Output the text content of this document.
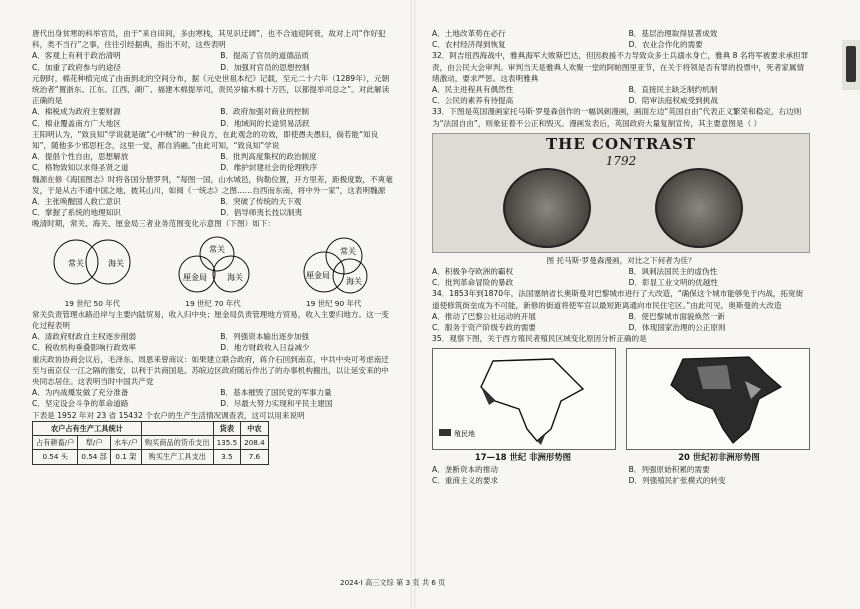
唐代出身贫寒的科举官员，由于“来自田间，多由寒栈，其见识迂阔”，也不合迪迎阿衰，故对上司“作好犯科，类不当行”之事，往往引经据典，指出不对，这些表明
A．客观上有利于政治清明	B．提高了官员的道德品质
C．加重了政府参与的途径	D．加强对官员的思想控制
元朝时，棉花种植完成了由南到北的空间分布，据《元史世祖本纪》记载，至元二十六年（1289年），元朝统治者“置浙东、江东、江西、湖广、福建木棉提举司，责民岁输木棉十万匹，以都提举司总之”。对此解读正确的是
A．棉税成为政府主要财源	B．政府加强对商业的控制
C．棉业覆盖南方广大地区	D．地域间的长途贸易活跃
王阳明认为，“致良知”学说就是破“心中贼”的一种良方，在此观念的功效，即使愚夫愚妇，倘若能“知良知”，随他多少邪思枉念，这里一觉，都自消融。”由此可知，“致良知”学说
A．提倡个性自由，思想解放	B．批判高度集权的政治制度
C．格物致知以求得圣贤之道	D．维护封建社会的伦理秩序
魏源在修《海国图志》时将各国分册罗列，“每图一国，山水城邑，钩勒位置，开方里差，距极度数，不爽毫发，于是从古不通中国之地，披其山川，如阅《一统志》之图……自西而东南，将中外一家”，这表明魏源
A．主张唤醒国人救亡意识	B．突破了传统的天下观
C．掌握了系统的地理知识	D．倡导师夷长技以制夷
晚清时期，常关、海关、厘金局三者业务范围变化示意图（下图）如下：
常关	海关
常关
厘金局	海关
常关
厘金局
海关
19 世纪 50 年代	19 世纪 70 年代	19 世纪 90 年代
常关负责管理水路沿岸与主要内陆贸易，收入归中央；厘金局负责管理地方贸易，收入主要归地方。这一变化过程表明
A．清政府财政自主权逐步削弱	B．列强资本输出逐步加强
C．税收机构垂叠影响行政效率	D．地方财政收入日益减少
重庆政协协商会议后，毛泽东、周恩来曾商议：如果建立联合政府，蒋介石回到南京，中共中央可考虑南迁至与南京仅一江之隔的淮安，以利于共商国是。苏皖边区政府随后作出了的办事机构搬出，以让延安来的中央同志居住。这表明当时中国共产党
A．为内战爆发做了充分准备	B．基本摧毁了国民党的军事力量
C．坚定设会斗争的革命道路	D．尽最大努力实现和平民主建国
下表是 1952 年对 23 省 15432 个农户的生产生活情况调查表，这可以用来说明
农户占有生产工具统计				货表	中农
占有耕畜/户	犁/户	水车/户	购买商品的货币支出	135.5	208.4
0.54 头	0.54 部	0.1 架	购买生产工具支出	3.5	7.6
A．土地改革势在必行	B．基层治理取得显著成效
C．农村经济得到恢复	D．农业合作化的需要
32．阿吉纽西海战中，雅典海军大败斯巴达，但因救援不力导致众多士兵溺水身亡，雅典 8 名将军被要求承担罪责，由公民大会审判。审判当天是雅典人欢聚一堂的阿帕图里亚节，在关于将领是否有罪的投票中，死者家属情绪激动，要求严惩。这表明雅典
A．民主进程具有偶然性	B．直接民主缺乏制约机制
C．公民的素养有待提高	D．陪审法庭权威受到挑战
33．下图是英国漫画家托马斯·罗曼森创作的一幅讽刺漫画，画面左边“英国自由”代表正义繁荣和稳定，右边则为“法国自由”，则象征着不公正和毁灭。漫画发表后，英国政府大量复制宣传，其主要意图是（ ）
THE CONTRAST
1792
图 托马斯·罗曼森漫画，对比之下何者为佳？
A．积极争夺欧洲的霸权	B．讽刺法国民主的虚伪性
C．批判革命冒险的暴政	D．彰显工业文明的优越性
34．1853年到1870年，法国塞纳省长奥斯曼对巴黎城市进行了大改造，“确保这个城市能够免于内战，拓宽街道使修筑街垒成为不可能，新修的街道将使军官以最短距离通向市民住宅区。”由此可见，奥斯曼的大改造
A．推动了巴黎公社运动的开展	B．使巴黎城市面貌焕然一新
C．服务于资产阶级专政的需要	D．体现国家治理的公正原则
35．观察下图，关于西方殖民者殖民区域变化原因分析正确的是
殖民地
17—18 世纪 非洲形势图	20 世纪初非洲形势图
A．垄断资本的推动	B．列强原始积累的需要
C．重商主义的要求	D．列强殖民扩张模式的转变
2024·I 高三文综 第 3 页 共 6 页
